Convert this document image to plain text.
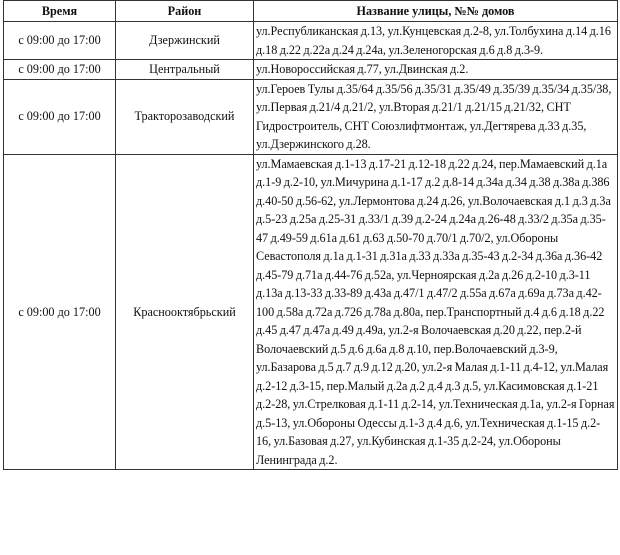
Время	Район	Название улицы, №№ домов
с 09:00 до 17:00	Дзержинский	ул.Республиканская д.13, ул.Кунцевская д.2-8, ул.Толбухина д.14 д.16 д.18 д.22 д.22а д.24 д.24а, ул.Зеленогорская д.6 д.8 д.3-9.
с 09:00 до 17:00	Центральный	ул.Новороссийская д.77, ул.Двинская д.2.
с 09:00 до 17:00	Тракторозаводский	ул.Героев Тулы д.35/64 д.35/56 д.35/31 д.35/49 д.35/39 д.35/34 д.35/38, ул.Первая д.21/4 д.21/2, ул.Вторая д.21/1 д.21/15 д.21/32, СНТ Гидростроитель, СНТ Союзлифтмонтаж, ул.Дегтярева д.33 д.35, ул.Дзержинского д.28.
с 09:00 до 17:00	Краснооктябрьский	ул.Мамаевская д.1-13 д.17-21 д.12-18 д.22 д.24, пер.Мамаевский д.1а д.1-9 д.2-10, ул.Мичурина д.1-17 д.2 д.8-14 д.34а д.34 д.38 д.38а д.386 д.40-50 д.56-62, ул.Лермонтова д.24 д.26, ул.Волочаевская д.1 д.3 д.3а д.5-23 д.25а д.25-31 д.33/1 д.39 д.2-24 д.24а д.26-48 д.33/2 д.35а д.35-47 д.49-59 д.61а д.61 д.63 д.50-70 д.70/1 д.70/2, ул.Обороны Севастополя д.1а д.1-31 д.31а д.33 д.33а д.35-43 д.2-34 д.36а д.36-42 д.45-79 д.71а д.44-76 д.52а, ул.Черноярская д.2а д.26 д.2-10 д.3-11 д.13а д.13-33 д.33-89 д.43а д.47/1 д.47/2 д.55а д.67а д.69а д.73а д.42-100 д.58а д.72а д.726 д.78а д.80а, пер.Транспортный д.4 д.6 д.18 д.22 д.45 д.47 д.47а д.49 д.49а, ул.2-я Волочаевская д.20 д.22, пер.2-й Волочаевский д.5 д.6 д.6а д.8 д.10, пер.Волочаевский д.3-9, ул.Базарова д.5 д.7 д.9 д.12 д.20, ул.2-я Малая д.1-11 д.4-12, ул.Малая д.2-12 д.3-15, пер.Малый д.2а д.2 д.4 д.3 д.5, ул.Касимовская д.1-21 д.2-28, ул.Стрелковая д.1-11 д.2-14, ул.Техническая д.1а, ул.2-я Горная д.5-13, ул.Обороны Одессы д.1-3 д.4 д.6, ул.Техническая д.1-15 д.2-16, ул.Базовая д.27, ул.Кубинская д.1-35 д.2-24, ул.Обороны Ленинграда д.2.
